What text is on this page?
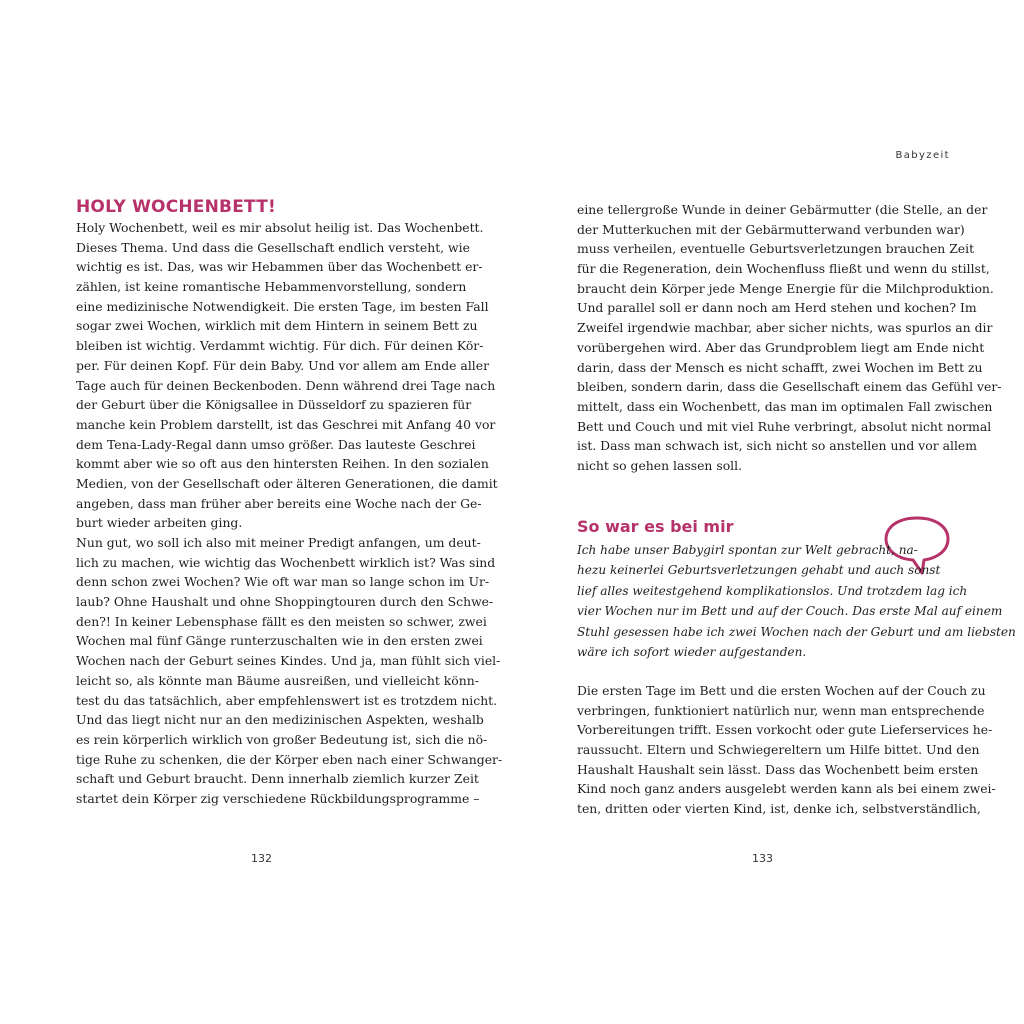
HOLY WOCHENBETT!
Holy Wochenbett, weil es mir absolut heilig ist. Das Wochenbett.
Dieses Thema. Und dass die Gesellschaft endlich versteht, wie
wichtig es ist. Das, was wir Hebammen über das Wochenbett er-
zählen, ist keine romantische Hebammenvorstellung, sondern
eine medizinische Notwendigkeit. Die ersten Tage, im besten Fall
sogar zwei Wochen, wirklich mit dem Hintern in seinem Bett zu
bleiben ist wichtig. Verdammt wichtig. Für dich. Für deinen Kör-
per. Für deinen Kopf. Für dein Baby. Und vor allem am Ende aller
Tage auch für deinen Beckenboden. Denn während drei Tage nach
der Geburt über die Königsallee in Düsseldorf zu spazieren für
manche kein Problem darstellt, ist das Geschrei mit Anfang 40 vor
dem Tena-Lady-Regal dann umso größer. Das lauteste Geschrei
kommt aber wie so oft aus den hintersten Reihen. In den sozialen
Medien, von der Gesellschaft oder älteren Generationen, die damit
angeben, dass man früher aber bereits eine Woche nach der Ge-
burt wieder arbeiten ging.
Nun gut, wo soll ich also mit meiner Predigt anfangen, um deut-
lich zu machen, wie wichtig das Wochenbett wirklich ist? Was sind
denn schon zwei Wochen? Wie oft war man so lange schon im Ur-
laub? Ohne Haushalt und ohne Shoppingtouren durch den Schwe-
den?! In keiner Lebensphase fällt es den meisten so schwer, zwei
Wochen mal fünf Gänge runterzuschalten wie in den ersten zwei
Wochen nach der Geburt seines Kindes. Und ja, man fühlt sich viel-
leicht so, als könnte man Bäume ausreißen, und vielleicht könn-
test du das tatsächlich, aber empfehlenswert ist es trotzdem nicht.
Und das liegt nicht nur an den medizinischen Aspekten, weshalb
es rein körperlich wirklich von großer Bedeutung ist, sich die nö-
tige Ruhe zu schenken, die der Körper eben nach einer Schwanger-
schaft und Geburt braucht. Denn innerhalb ziemlich kurzer Zeit
startet dein Körper zig verschiedene Rückbildungsprogramme –
132
Babyzeit
133
eine tellergroße Wunde in deiner Gebärmutter (die Stelle, an der
der Mutterkuchen mit der Gebärmutterwand verbunden war)
muss verheilen, eventuelle Geburtsverletzungen brauchen Zeit
für die Regeneration, dein Wochenfluss fließt und wenn du stillst,
braucht dein Körper jede Menge Energie für die Milchproduktion.
Und parallel soll er dann noch am Herd stehen und kochen? Im
Zweifel irgendwie machbar, aber sicher nichts, was spurlos an dir
vorübergehen wird. Aber das Grundproblem liegt am Ende nicht
darin, dass der Mensch es nicht schafft, zwei Wochen im Bett zu
bleiben, sondern darin, dass die Gesellschaft einem das Gefühl ver-
mittelt, dass ein Wochenbett, das man im optimalen Fall zwischen
Bett und Couch und mit viel Ruhe verbringt, absolut nicht normal
ist. Dass man schwach ist, sich nicht so anstellen und vor allem
nicht so gehen lassen soll.
So war es bei mir
Ich habe unser Babygirl spontan zur Welt gebracht, na-
hezu keinerlei Geburtsverletzungen gehabt und auch sonst
lief alles weitestgehend komplikationslos. Und trotzdem lag ich
vier Wochen nur im Bett und auf der Couch. Das erste Mal auf einem
Stuhl gesessen habe ich zwei Wochen nach der Geburt und am liebsten
wäre ich sofort wieder aufgestanden.
Die ersten Tage im Bett und die ersten Wochen auf der Couch zu
verbringen, funktioniert natürlich nur, wenn man entsprechende
Vorbereitungen trifft. Essen vorkocht oder gute Lieferservices he-
raussucht. Eltern und Schwiegereltern um Hilfe bittet. Und den
Haushalt Haushalt sein lässt. Dass das Wochenbett beim ersten
Kind noch ganz anders ausgelebt werden kann als bei einem zwei-
ten, dritten oder vierten Kind, ist, denke ich, selbstverständlich,
